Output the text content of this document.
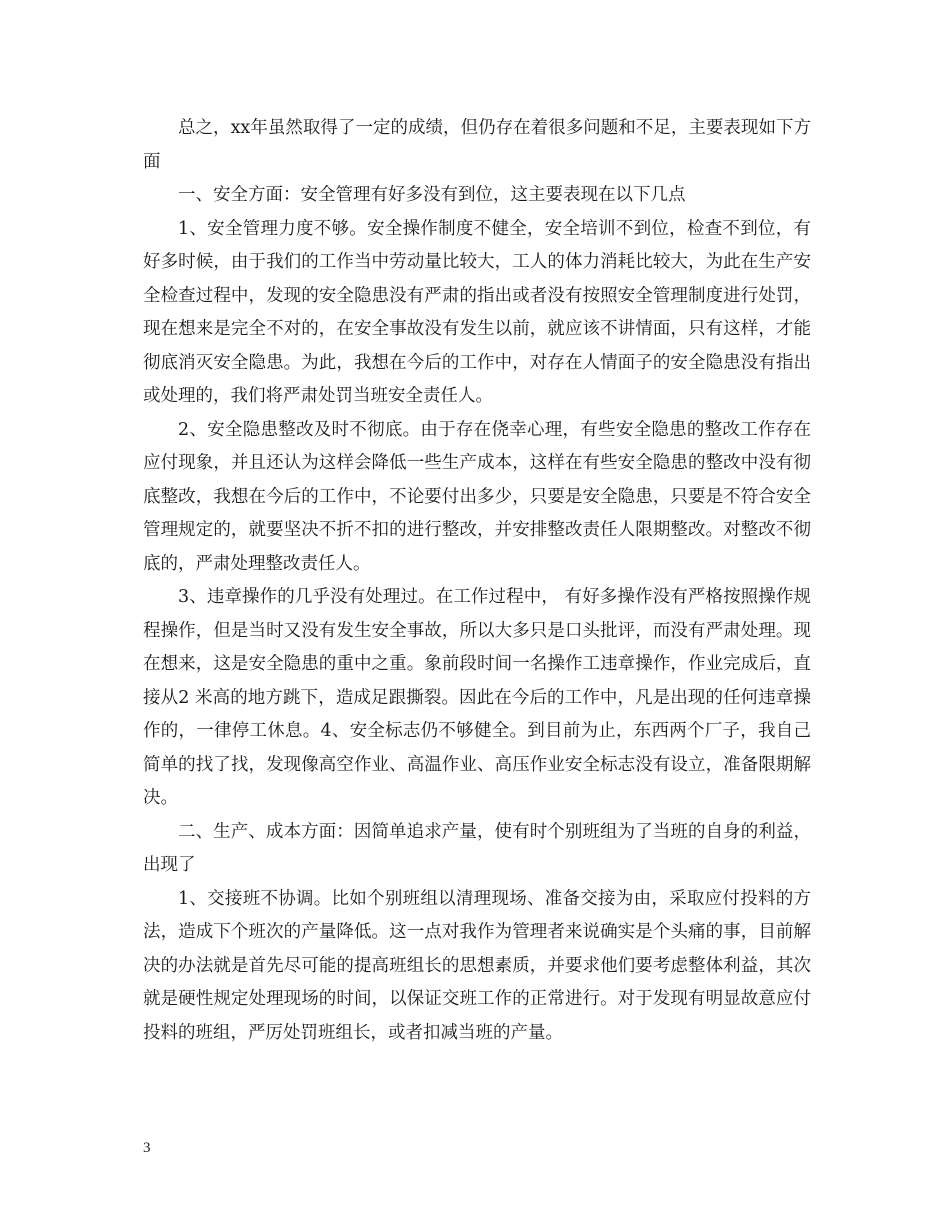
总之，xx年虽然取得了一定的成绩，但仍存在着很多问题和不足，主要表现如下方面

一、安全方面：安全管理有好多没有到位，这主要表现在以下几点

1、安全管理力度不够。安全操作制度不健全，安全培训不到位，检查不到位，有好多时候，由于我们的工作当中劳动量比较大，工人的体力消耗比较大，为此在生产安全检查过程中，发现的安全隐患没有严肃的指出或者没有按照安全管理制度进行处罚，现在想来是完全不对的，在安全事故没有发生以前，就应该不讲情面，只有这样，才能彻底消灭安全隐患。为此，我想在今后的工作中，对存在人情面子的安全隐患没有指出或处理的，我们将严肃处罚当班安全责任人。

2、安全隐患整改及时不彻底。由于存在侥幸心理，有些安全隐患的整改工作存在应付现象，并且还认为这样会降低一些生产成本，这样在有些安全隐患的整改中没有彻底整改，我想在今后的工作中，不论要付出多少，只要是安全隐患，只要是不符合安全管理规定的，就要坚决不折不扣的进行整改，并安排整改责任人限期整改。对整改不彻底的，严肃处理整改责任人。

3、违章操作的几乎没有处理过。在工作过程中， 有好多操作没有严格按照操作规程操作，但是当时又没有发生安全事故，所以大多只是口头批评，而没有严肃处理。现在想来，这是安全隐患的重中之重。象前段时间一名操作工违章操作，作业完成后，直接从2 米高的地方跳下，造成足跟撕裂。因此在今后的工作中，凡是出现的任何违章操作的，一律停工休息。4、安全标志仍不够健全。到目前为止，东西两个厂子，我自己简单的找了找，发现像高空作业、高温作业、高压作业安全标志没有设立，准备限期解决。

二、生产、成本方面：因简单追求产量，使有时个别班组为了当班的自身的利益，出现了

1、交接班不协调。比如个别班组以清理现场、准备交接为由，采取应付投料的方法，造成下个班次的产量降低。这一点对我作为管理者来说确实是个头痛的事，目前解决的办法就是首先尽可能的提高班组长的思想素质，并要求他们要考虑整体利益，其次就是硬性规定处理现场的时间，以保证交班工作的正常进行。对于发现有明显故意应付投料的班组，严厉处罚班组长，或者扣减当班的产量。

3
